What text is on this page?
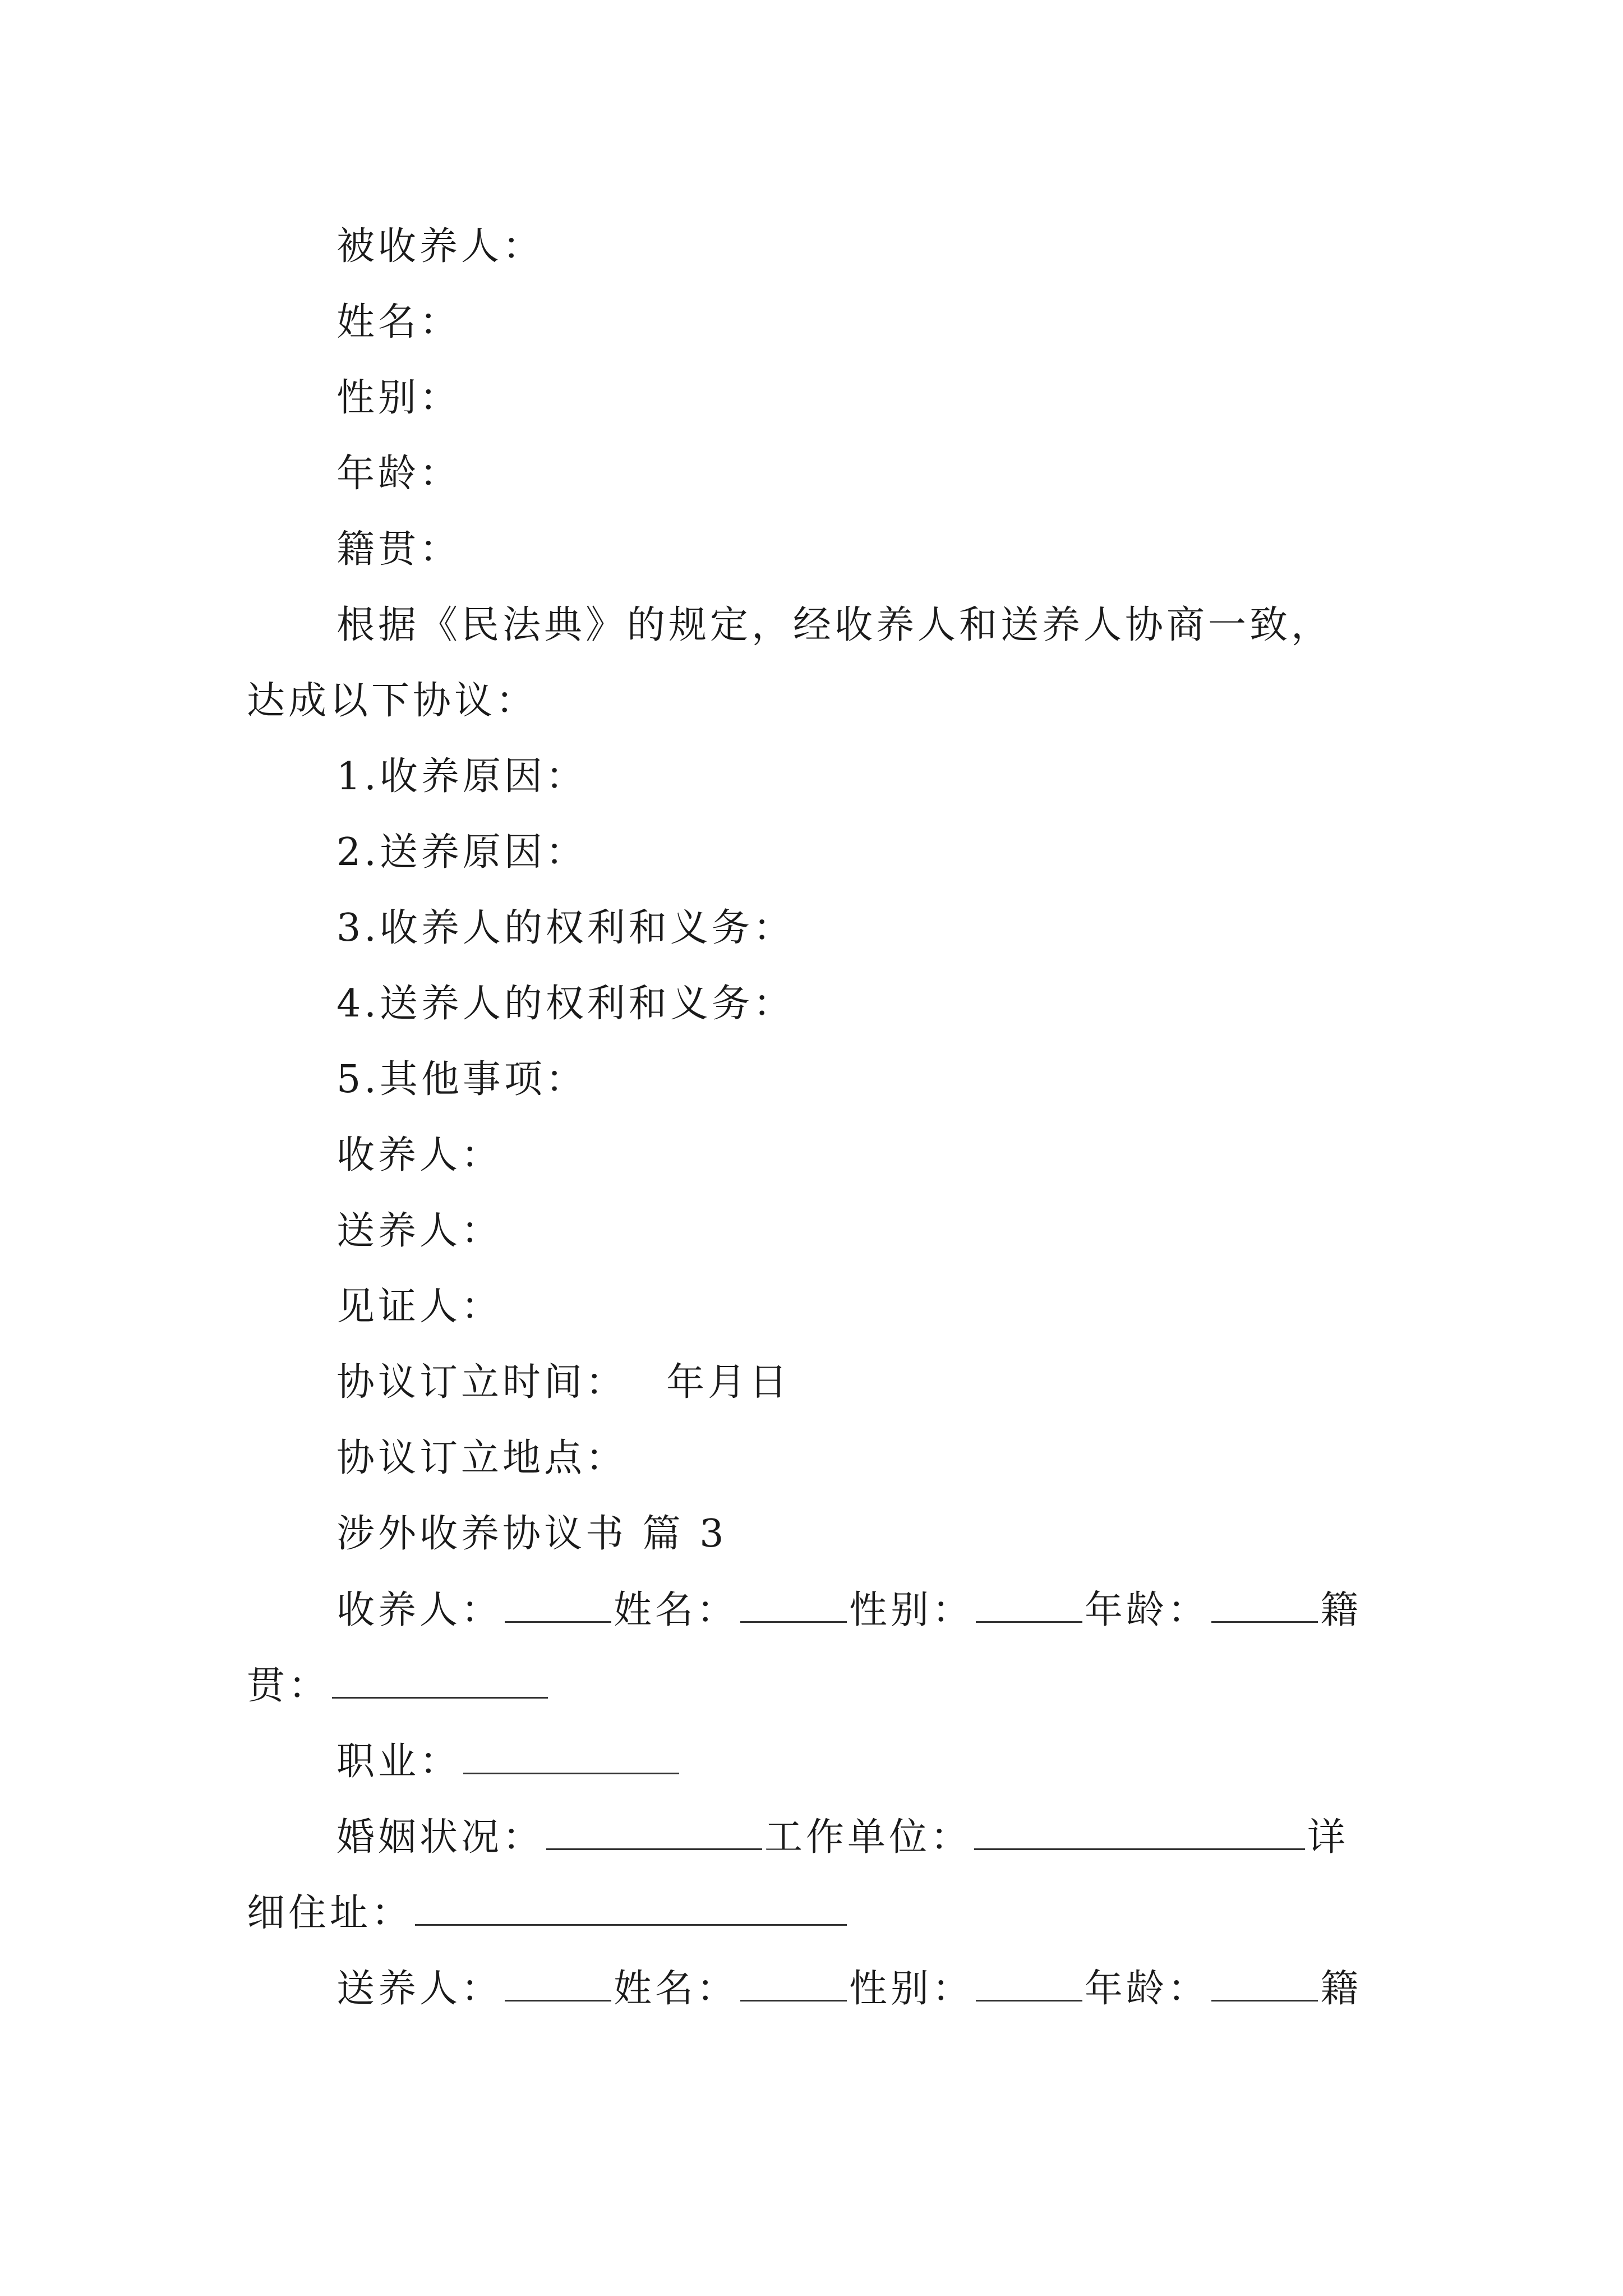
被收养人：
姓名：
性别：
年龄：
籍贯：
根据《民法典》的规定，经收养人和送养人协商一致，
达成以下协议：
1.收养原因：
2.送养原因：
3.收养人的权利和义务：
4.送养人的权利和义务：
5.其他事项：
收养人：
送养人：
见证人：
协议订立时间： 年月日
协议订立地点：
涉外收养协议书 篇 3
收养人：	姓名：	性别：	年龄：	籍
贯：
职业：
婚姻状况：	工作单位：	详
细住址：
送养人：	姓名：	性别：	年龄：	籍
